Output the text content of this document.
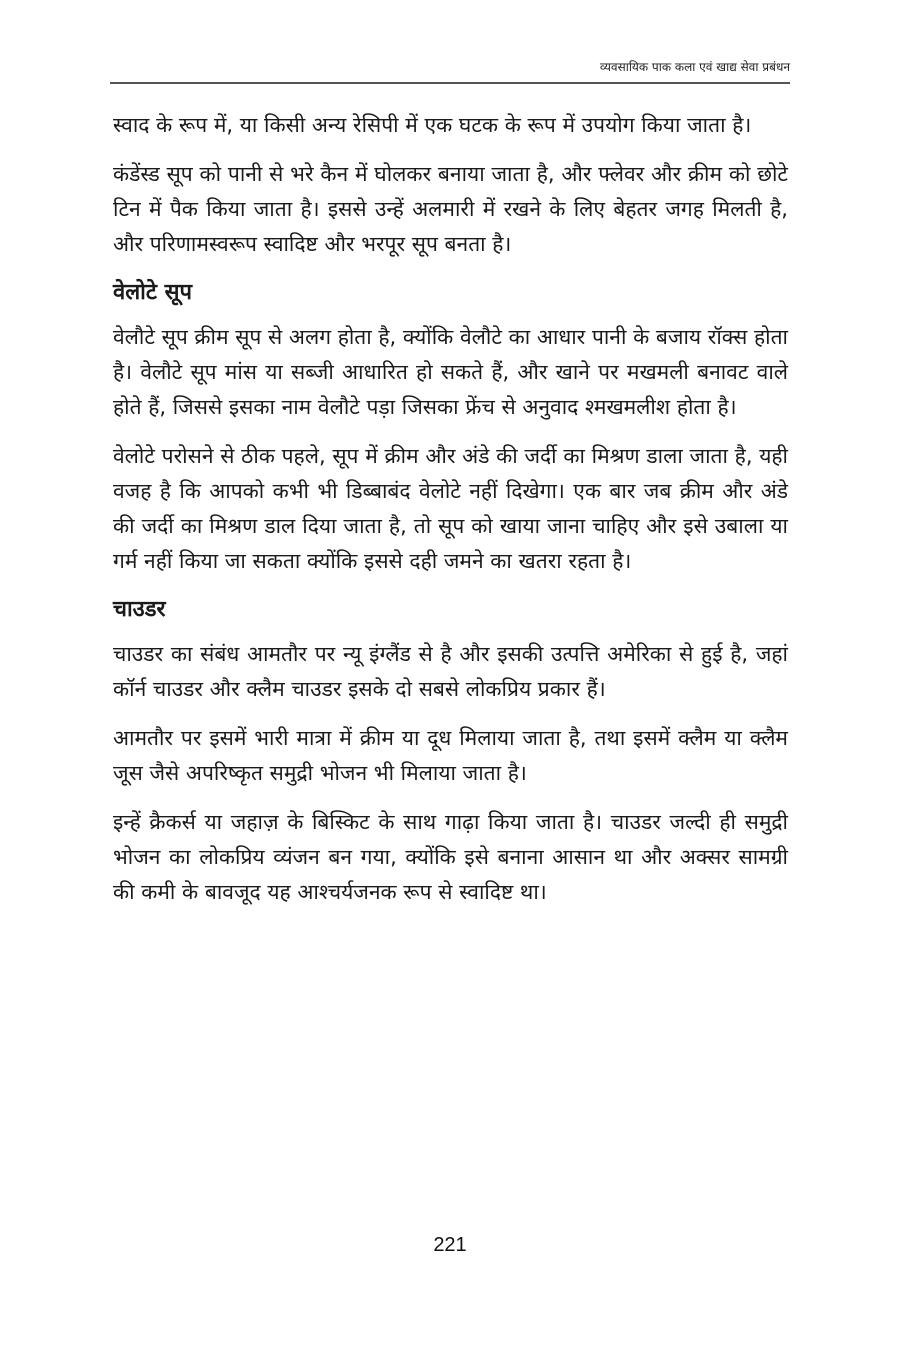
व्यवसायिक पाक कला एवं खाद्य सेवा प्रबंधन

स्वाद के रूप में, या किसी अन्य रेसिपी में एक घटक के रूप में उपयोग किया जाता है।

कंडेंस्ड सूप को पानी से भरे कैन में घोलकर बनाया जाता है, और फ्लेवर और क्रीम को छोटे टिन में पैक किया जाता है। इससे उन्हें अलमारी में रखने के लिए बेहतर जगह मिलती है, और परिणामस्वरूप स्वादिष्ट और भरपूर सूप बनता है।

वेलोटे सूप

वेलौटे सूप क्रीम सूप से अलग होता है, क्योंकि वेलौटे का आधार पानी के बजाय रॉक्स होता है। वेलौटे सूप मांस या सब्जी आधारित हो सकते हैं, और खाने पर मखमली बनावट वाले होते हैं, जिससे इसका नाम वेलौटे पड़ा जिसका फ्रेंच से अनुवाद श्मखमलीश होता है।

वेलोटे परोसने से ठीक पहले, सूप में क्रीम और अंडे की जर्दी का मिश्रण डाला जाता है, यही वजह है कि आपको कभी भी डिब्बाबंद वेलोटे नहीं दिखेगा। एक बार जब क्रीम और अंडे की जर्दी का मिश्रण डाल दिया जाता है, तो सूप को खाया जाना चाहिए और इसे उबाला या गर्म नहीं किया जा सकता क्योंकि इससे दही जमने का खतरा रहता है।

चाउडर

चाउडर का संबंध आमतौर पर न्यू इंग्लैंड से है और इसकी उत्पत्ति अमेरिका से हुई है, जहां कॉर्न चाउडर और क्लैम चाउडर इसके दो सबसे लोकप्रिय प्रकार हैं।

आमतौर पर इसमें भारी मात्रा में क्रीम या दूध मिलाया जाता है, तथा इसमें क्लैम या क्लैम जूस जैसे अपरिष्कृत समुद्री भोजन भी मिलाया जाता है।

इन्हें क्रैकर्स या जहाज़ के बिस्किट के साथ गाढ़ा किया जाता है। चाउडर जल्दी ही समुद्री भोजन का लोकप्रिय व्यंजन बन गया, क्योंकि इसे बनाना आसान था और अक्सर सामग्री की कमी के बावजूद यह आश्चर्यजनक रूप से स्वादिष्ट था।

221
